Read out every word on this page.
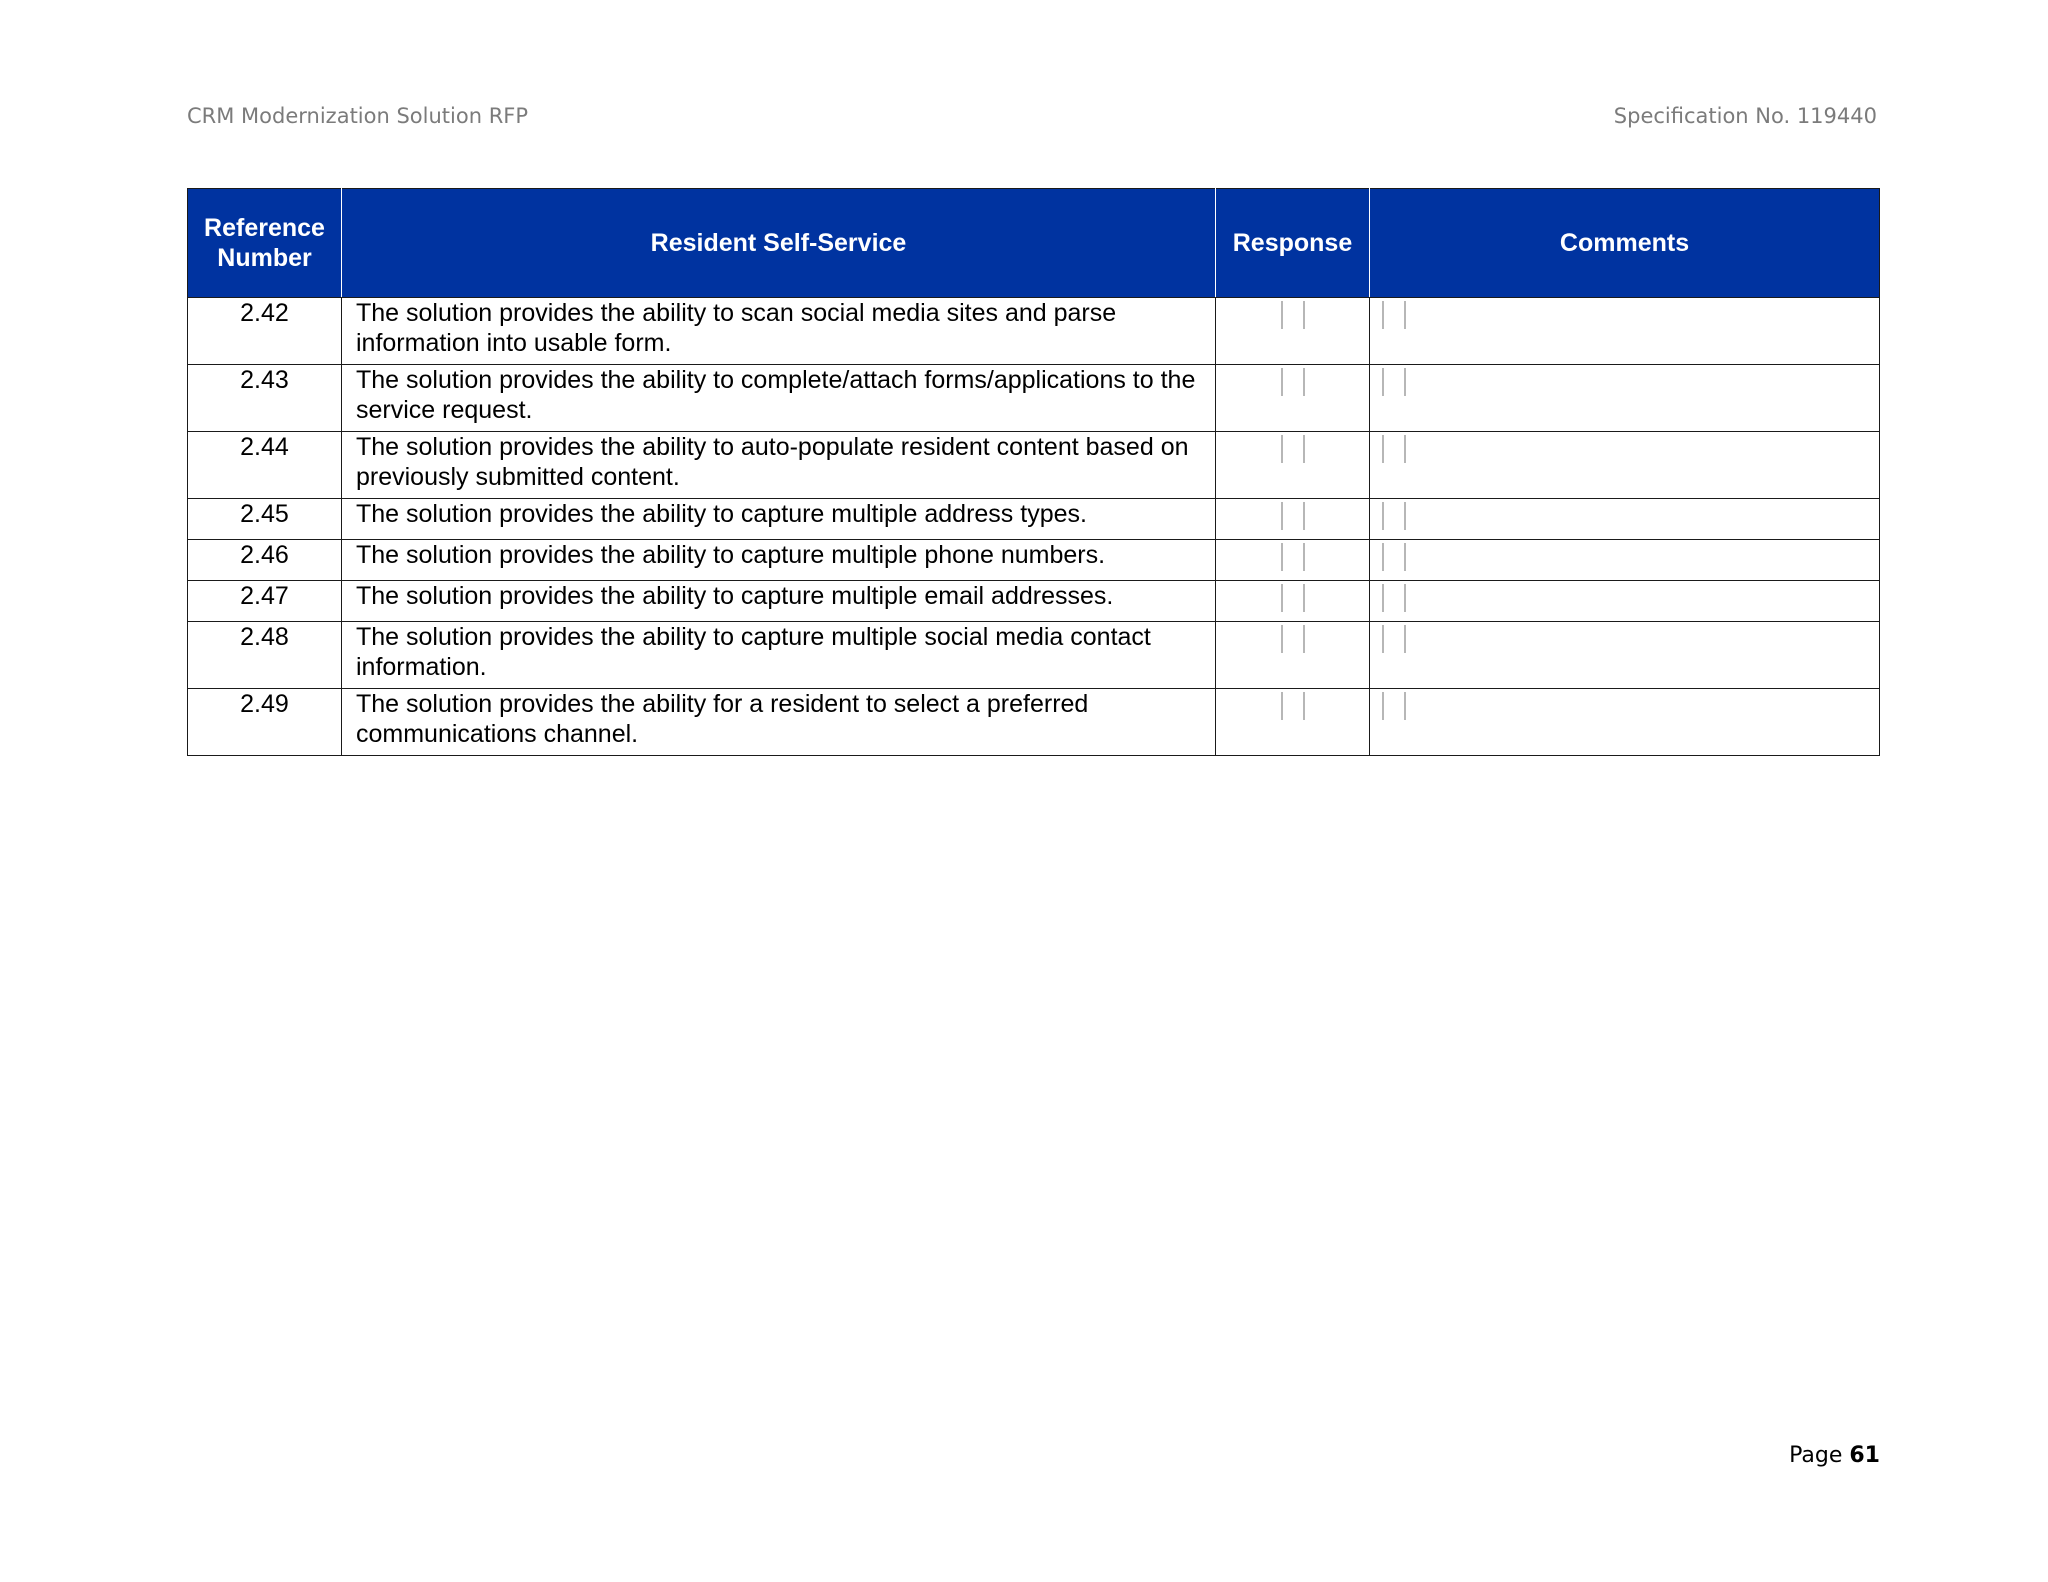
CRM Modernization Solution RFP	Specification No. 119440
Reference
Number	Resident Self-Service	Response	Comments
2.42	The solution provides the ability to scan social media sites and parse information into usable form.		
2.43	The solution provides the ability to complete/attach forms/applications to the service request.		
2.44	The solution provides the ability to auto-populate resident content based on previously submitted content.		
2.45	The solution provides the ability to capture multiple address types.		
2.46	The solution provides the ability to capture multiple phone numbers.		
2.47	The solution provides the ability to capture multiple email addresses.		
2.48	The solution provides the ability to capture multiple social media contact information.		
2.49	The solution provides the ability for a resident to select a preferred communications channel.		
Page 61
